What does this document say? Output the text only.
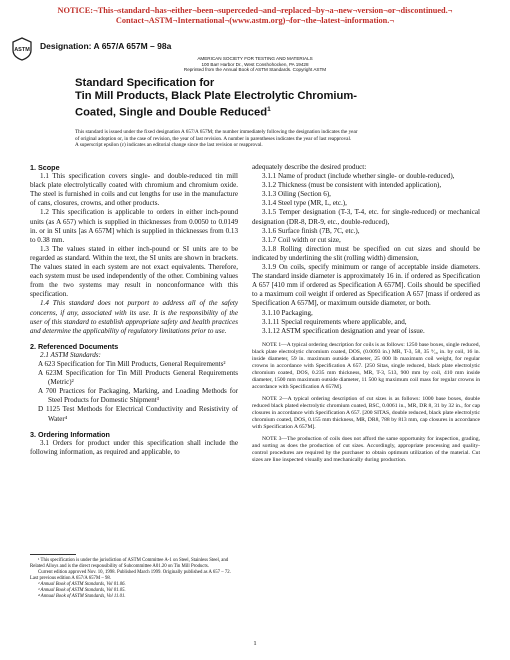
NOTICE:¬This¬standard¬has¬either¬been¬superceded¬and¬replaced¬by¬a¬new¬version¬or¬discontinued.¬
Contact¬ASTM¬International¬(www.astm.org)¬for¬the¬latest¬information.¬
ASTM Designation: A 657/A 657M – 98a
AMERICAN SOCIETY FOR TESTING AND MATERIALS
100 Barr Harbor Dr., West Conshohocken, PA 19428
Reprinted from the Annual Book of ASTM Standards. Copyright ASTM
Standard Specification for
Tin Mill Products, Black Plate Electrolytic Chromium-
Coated, Single and Double Reduced$^1$
This standard is issued under the fixed designation A 657/A 657M; the number immediately following the designation indicates the year
of original adoption or, in the case of revision, the year of last revision. A number in parentheses indicates the year of last reapproval.
A superscript epsilon (ε) indicates an editorial change since the last revision or reapproval.

1. Scope

1.1 This specification covers single- and double-reduced tin mill black plate electrolytically coated with chromium and chromium oxide. The steel is furnished in coils and cut lengths for use in the manufacture of cans, closures, crowns, and other products.

1.2 This specification is applicable to orders in either inch-pound units (as A 657) which is supplied in thicknesses from 0.0050 to 0.0149 in. or in SI units [as A 657M] which is supplied in thicknesses from 0.13 to 0.38 mm.

1.3 The values stated in either inch-pound or SI units are to be regarded as standard. Within the text, the SI units are shown in brackets. The values stated in each system are not exact equivalents. Therefore, each system must be used independently of the other. Combining values from the two systems may result in nonconformance with this specification.

1.4 This standard does not purport to address all of the safety concerns, if any, associated with its use. It is the responsibility of the user of this standard to establish appropriate safety and health practices and determine the applicability of regulatory limitations prior to use.

2. Referenced Documents

2.1 ASTM Standards:

A 623 Specification for Tin Mill Products, General Requirements²

A 623M Specification for Tin Mill Products General Requirements (Metric)²

A 700 Practices for Packaging, Marking, and Loading Methods for Steel Products for Domestic Shipment³

D 1125 Test Methods for Electrical Conductivity and Resistivity of Water⁴

3. Ordering Information

3.1 Orders for product under this specification shall include the following information, as required and applicable, to

adequately describe the desired product:

3.1.1 Name of product (include whether single- or double-reduced),

3.1.2 Thickness (must be consistent with intended application),

3.1.3 Oiling (Section 6),

3.1.4 Steel type (MR, L, etc.),

3.1.5 Temper designation (T-3, T-4, etc. for single-reduced) or mechanical designation (DR-8, DR-9, etc., double-reduced),

3.1.6 Surface finish (7B, 7C, etc.),

3.1.7 Coil width or cut size,

3.1.8 Rolling direction must be specified on cut sizes and should be indicated by underlining the slit (rolling width) dimension,

3.1.9 On coils, specify minimum or range of acceptable inside diameters. The standard inside diameter is approximately 16 in. if ordered as Specification A 657 [410 mm if ordered as Specification A 657M]. Coils should be specified to a maximum coil weight if ordered as Specification A 657 [mass if ordered as Specification A 657M], or maximum outside diameter, or both.

3.1.10 Packaging,

3.1.11 Special requirements where applicable, and,

3.1.12 ASTM specification designation and year of issue.

NOTE 1—A typical ordering description for coils is as follows: 1250 base boxes, single reduced, black plate electrolytic chromium coated, DOS, (0.0093 in.) MR, T-3, 58, 35 ⁹⁄₁₆ in. by coil, 16 in. inside diameter, 59 in. maximum outside diameter, 25 000 lb maximum coil weight, for regular crowns in accordance with Specification A 657. [250 Sitas, single reduced, black plate electrolytic chromium coated, DOS, 0.235 mm thickness, MR, T-3, 513, 900 mm by coil, 410 mm inside diameter, 1500 mm maximum outside diameter, 11 500 kg maximum coil mass for regular crowns in accordance with Specification A 657M].

NOTE 2—A typical ordering description of cut sizes is as follows: 1000 base boxes, double reduced black plated electrolytic chromium coated, BSC, 0.0061 in., MR, DR 8, 31 by 32 in., for cap closures in accordance with Specification A 657. [200 SITAS, double reduced, black plate electrolytic chromium coated, DOS, 0.155 mm thickness, MR, DR8, 788 by 813 mm, cap closures in accordance with Specification A 657M].

NOTE 3—The production of coils does not afford the same opportunity for inspection, grading, and sorting as does the production of cut sizes. Accordingly, appropriate processing and quality-control procedures are required by the purchaser to obtain optimum utilization of the material. Cut sizes are line inspected visually and mechanically during production.

¹ This specification is under the jurisdiction of ASTM Committee A-1 on Steel, Stainless Steel, and Related Alloys and is the direct responsibility of Subcommittee A01.20 on Tin Mill Products.
Current edition approved Nov. 10, 1998. Published March 1999. Originally published as A 657 – 72. Last previous edition A 657/A 657M – 98.
² Annual Book of ASTM Standards, Vol 01.06.
³ Annual Book of ASTM Standards, Vol 01.05.
⁴ Annual Book of ASTM Standards, Vol 11.01.
1
